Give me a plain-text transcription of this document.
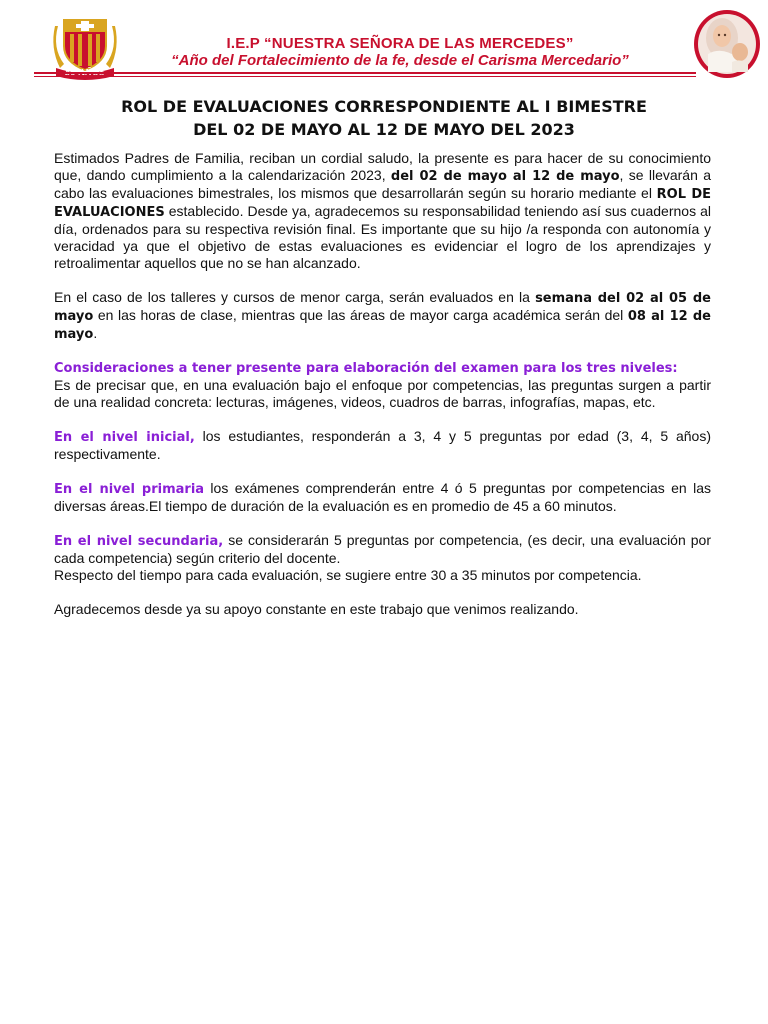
I.E.P “NUESTRA SEÑORA DE LAS MERCEDES”
“Año del Fortalecimiento de la fe, desde el Carisma Mercedario”
ROL DE EVALUACIONES CORRESPONDIENTE AL I BIMESTRE
DEL 02 DE MAYO AL 12 DE MAYO DEL 2023

Estimados Padres de Familia, reciban un cordial saludo, la presente es para hacer de su conocimiento que, dando cumplimiento a la calendarización 2023, del 02 de mayo al 12 de mayo, se llevarán a cabo las evaluaciones bimestrales, los mismos que desarrollarán según su horario mediante el ROL DE EVALUACIONES establecido. Desde ya, agradecemos su responsabilidad teniendo así sus cuadernos al día, ordenados para su respectiva revisión final. Es importante que su hijo /a responda con autonomía y veracidad ya que el objetivo de estas evaluaciones es evidenciar el logro de los aprendizajes y retroalimentar aquellos que no se han alcanzado.

En el caso de los talleres y cursos de menor carga, serán evaluados en la semana del 02 al 05 de mayo en las horas de clase, mientras que las áreas de mayor carga académica serán del 08 al 12 de mayo.

Consideraciones a tener presente para elaboración del examen para los tres niveles:

Es de precisar que, en una evaluación bajo el enfoque por competencias, las preguntas surgen a partir de una realidad concreta: lecturas, imágenes, videos, cuadros de barras, infografías, mapas, etc.

En el nivel inicial, los estudiantes, responderán a 3, 4 y 5 preguntas por edad (3, 4, 5 años) respectivamente.

En el nivel primaria los exámenes comprenderán entre 4 ó 5 preguntas por competencias en las diversas áreas.El tiempo de duración de la evaluación es en promedio de 45 a 60 minutos.

En el nivel secundaria, se considerarán 5 preguntas por competencia, (es decir, una evaluación por cada competencia) según criterio del docente.

Respecto del tiempo para cada evaluación, se sugiere entre 30 a 35 minutos por competencia.

Agradecemos desde ya su apoyo constante en este trabajo que venimos realizando.
